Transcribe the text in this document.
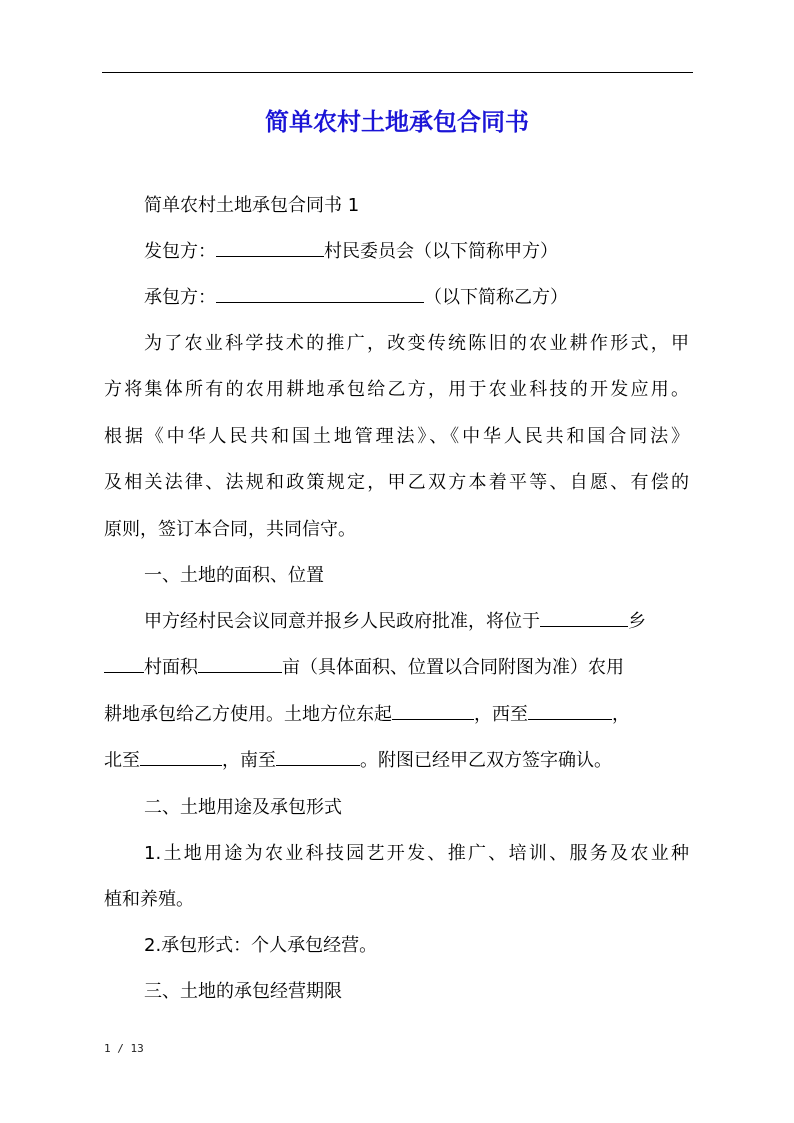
简单农村土地承包合同书
简单农村土地承包合同书 1
发包方：	村民委员会（以下简称甲方）
承包方：	（以下简称乙方）
为了农业科学技术的推广，改变传统陈旧的农业耕作形式，甲
方将集体所有的农用耕地承包给乙方，用于农业科技的开发应用。
根据《中华人民共和国土地管理法》、《中华人民共和国合同法》
及相关法律、法规和政策规定，甲乙双方本着平等、自愿、有偿的
原则，签订本合同，共同信守。
一、土地的面积、位置
甲方经村民会议同意并报乡人民政府批准，将位于	乡
村面积	亩（具体面积、位置以合同附图为准）农用
耕地承包给乙方使用。土地方位东起	，西至	，
北至	，南至	。附图已经甲乙双方签字确认。
二、土地用途及承包形式
1.土地用途为农业科技园艺开发、推广、培训、服务及农业种
植和养殖。
2.承包形式：个人承包经营。
三、土地的承包经营期限
1 / 13
